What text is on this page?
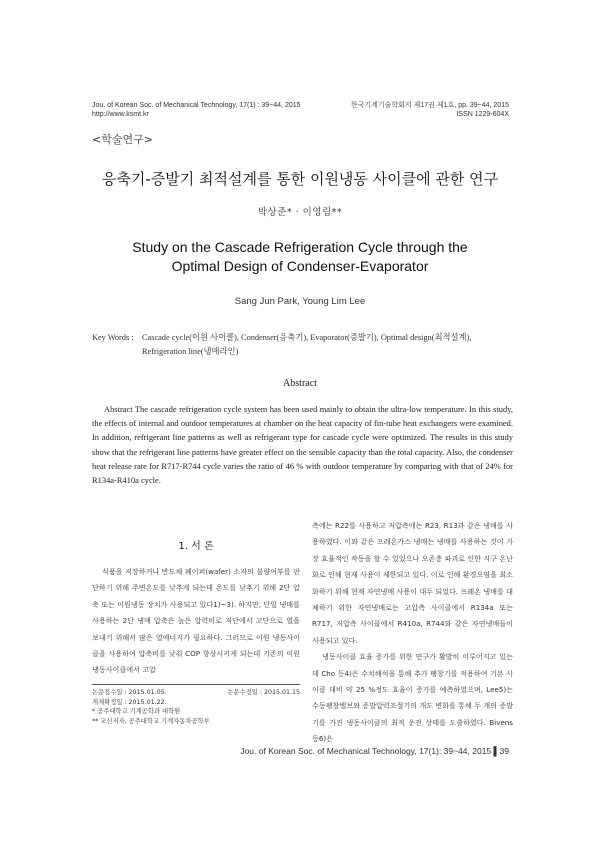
Jou. of Korean Soc. of Mechanical Technology, 17(1) : 39~44, 2015
http://www.ksmt.kr
한국기계기술학회지 제17권 제1호, pp. 39~44, 2015
ISSN 1229-604X
<학술연구>
응축기-증발기 최적설계를 통한 이원냉동 사이클에 관한 연구
박상준* · 이영림**
Study on the Cascade Refrigeration Cycle through the
Optimal Design of Condenser-Evaporator
Sang Jun Park, Young Lim Lee
Key Words : Cascade cycle(이원 사이클), Condenser(응축기), Evaporator(증발기), Optimal design(최적설계),
Refrigeration line(냉매라인)
Abstract
Abstract The cascade refrigeration cycle system has been used mainly to obtain the ultra-low temperature. In this study, the effects of internal and outdoor temperatures at chamber on the heat capacity of fin-tube heat exchangers were examined. In addition, refrigerant line patterns as well as refrigerant type for cascade cycle were optimized. The results in this study show that the refrigerant line patterns have greater effect on the sensible capacity than the total capacity. Also, the condenser heat release rate for R717-R744 cycle varies the ratio of 46 % with outdoor temperature by comparing with that of 24% for R134a-R410a cycle.
1. 서 론

식품을 저장하거나 반도체 웨이퍼(wafer) 소자의 불량여부를 판단하기 위해 주변온도를 낮추게 되는데 온도를 낮추기 위해 2단 압축 또는 이원냉동 장치가 사용되고 있다1)~3). 하지만, 단일 냉매를 사용하는 2단 냉매 압축은 높은 압력비로 저단에서 고단으로 열을 보내기 위해서 많은 열에너지가 필요하다. 그러므로 이원 냉동사이클을 사용하여 압축비를 낮춰 COP 향상시키게 되는데 기존의 이원 냉동사이클에서 고압

측에는 R22를 사용하고 저압측에는 R23, R13과 같은 냉매를 사용하였다. 이와 같은 프레온가스 냉매는 냉매를 사용하는 것이 가장 효율적인 작동을 할 수 있었으나 오존층 파괴로 인한 지구 온난화로 인해 현재 사용이 제한되고 있다. 이로 인해 환경오염을 최소화하기 위해 현재 자연냉매 사용이 대두 되었다. 프레온 냉매를 대체하기 위한 자연냉매로는 고압측 사이클에서 R134a 또는 R717, 저압측 사이클에서 R410a, R744와 같은 자연냉매들이 사용되고 있다.

냉동사이클 효율 증가를 위한 연구가 활발히 이루어지고 있는데 Cho 등4)은 수치해석을 통해 추가 팽창기를 적용하여 기본 사이클 대비 약 25 %정도 효율이 증가를 예측하였으며, Lee5)는 수동팽창밸브와 증발압력조절기의 개도 변화를 통해 두 개의 증발기를 가진 냉동사이클의 최적 운전 상태를 도출하였다. Bivens 등6)은

논문접수일 : 2015.01.05.	논문수정일 : 2015.01.15.
게재확정일 : 2015.01.22.
* 공주대학교 기계공학과 대학원
** 교신저자, 공주대학교 기계자동차공학부
Jou. of Korean Soc. of Mechanical Technology, 17(1): 39~44, 2015 ▌39
